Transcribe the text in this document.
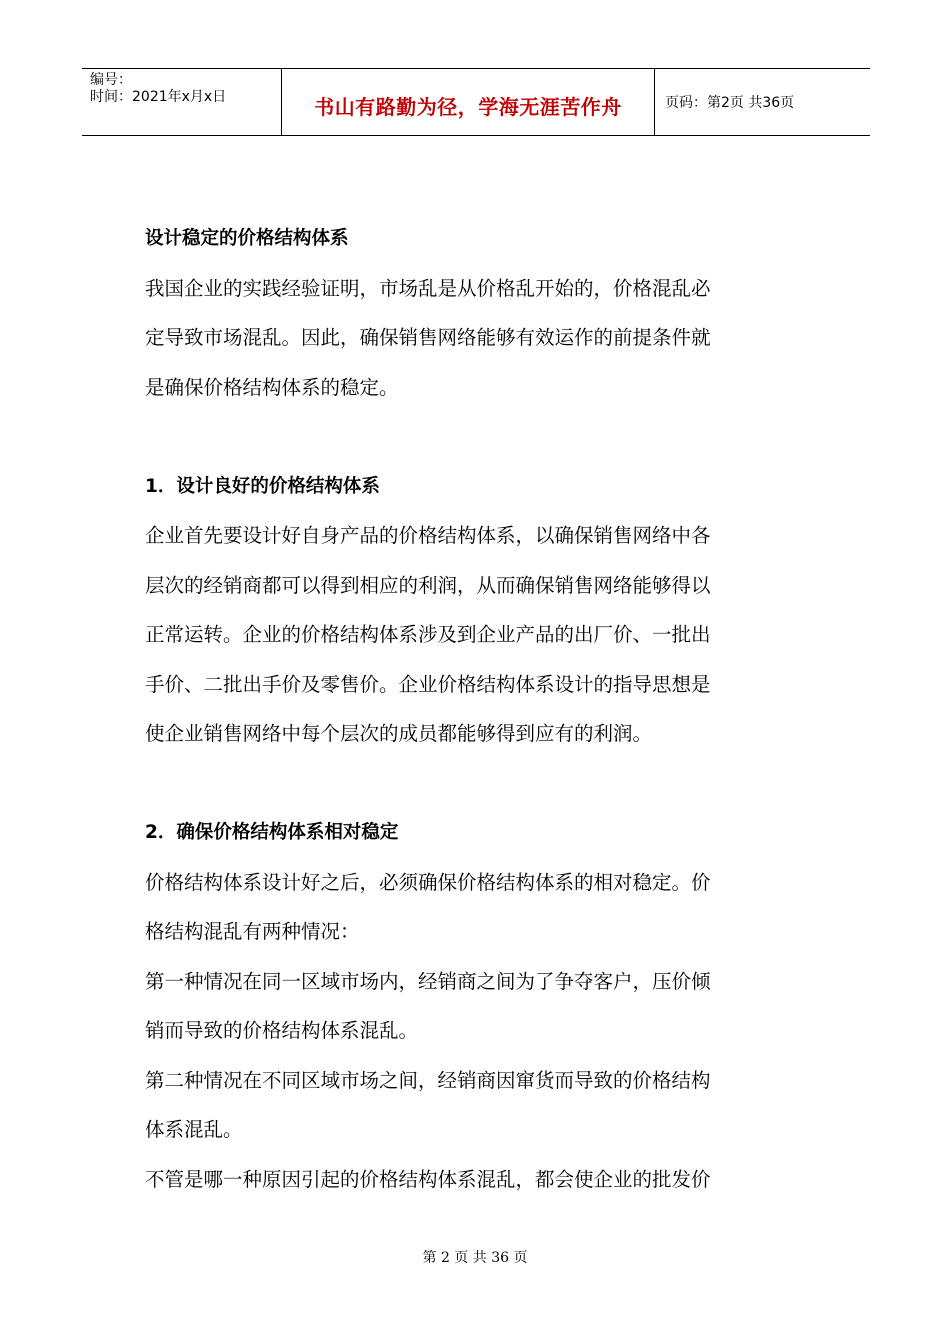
编号：
时间：2021年x月x日	书山有路勤为径，学海无涯苦作舟	页码：第2页 共36页

设计稳定的价格结构体系

我国企业的实践经验证明，市场乱是从价格乱开始的，价格混乱必

定导致市场混乱。因此，确保销售网络能够有效运作的前提条件就

是确保价格结构体系的稳定。

1．设计良好的价格结构体系

企业首先要设计好自身产品的价格结构体系，以确保销售网络中各

层次的经销商都可以得到相应的利润，从而确保销售网络能够得以

正常运转。企业的价格结构体系涉及到企业产品的出厂价、一批出

手价、二批出手价及零售价。企业价格结构体系设计的指导思想是

使企业销售网络中每个层次的成员都能够得到应有的利润。

2．确保价格结构体系相对稳定

价格结构体系设计好之后，必须确保价格结构体系的相对稳定。价

格结构混乱有两种情况：

第一种情况在同一区域市场内，经销商之间为了争夺客户，压价倾

销而导致的价格结构体系混乱。

第二种情况在不同区域市场之间，经销商因窜货而导致的价格结构

体系混乱。

不管是哪一种原因引起的价格结构体系混乱，都会使企业的批发价

第 2 页 共 36 页
